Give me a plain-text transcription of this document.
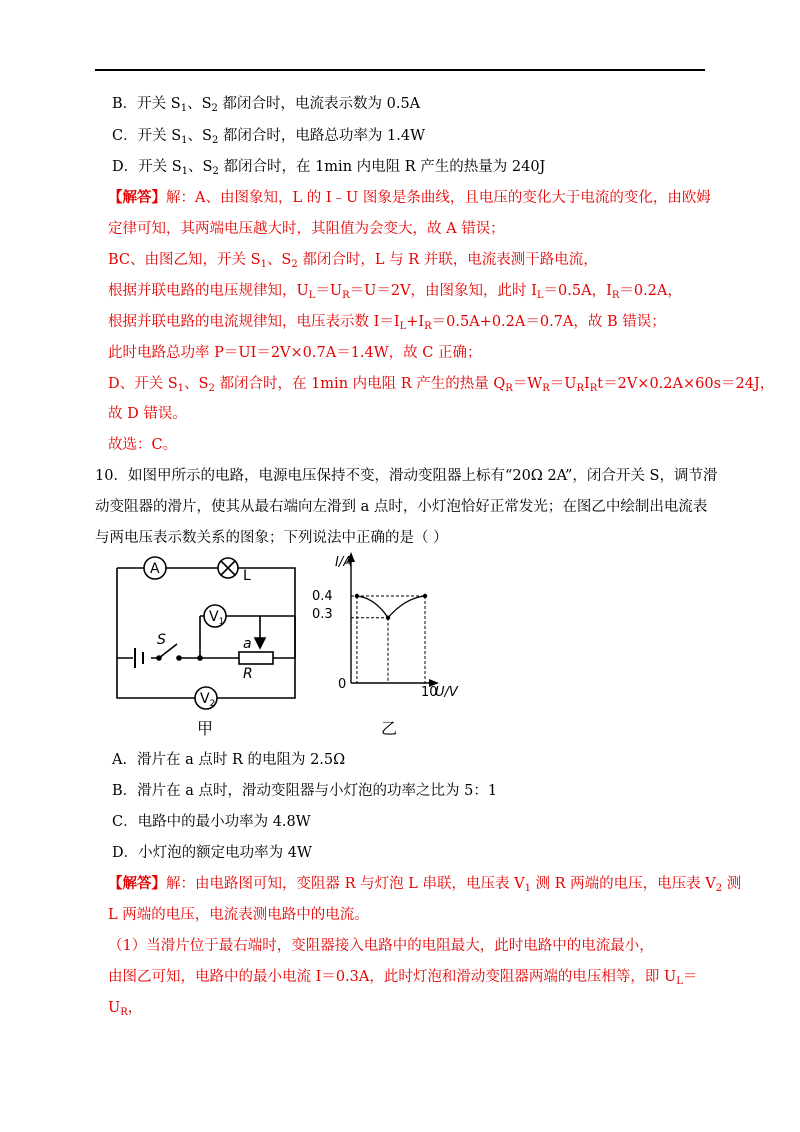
B．开关 $S_1$、$S_2$ 都闭合时，电流表示数为 0.5A
C．开关 $S_1$、$S_2$ 都闭合时，电路总功率为 1.4W
D．开关 $S_1$、$S_2$ 都闭合时，在 1min 内电阻 R 产生的热量为 240J
【解答】解：A、由图象知，L 的 I﹣U 图象是条曲线，且电压的变化大于电流的变化，由欧姆
定律可知，其两端电压越大时，其阻值为会变大，故 A 错误；
BC、由图乙知，开关 $S_1$、$S_2$ 都闭合时，L 与 R 并联，电流表测干路电流，
根据并联电路的电压规律知，$U_L=U_R=U=2V$，由图象知，此时 $I_L=0.5A$，$I_R=0.2A$，
根据并联电路的电流规律知，电压表示数 $I=I_L+I_R=0.5A+0.2A=0.7A$，故 B 错误；
此时电路总功率 P＝UI＝2V×0.7A＝1.4W，故 C 正确；
D、开关 $S_1$、$S_2$ 都闭合时，在 1min 内电阻 R 产生的热量 $Q_R=W_R=U_RI_Rt=2V\times 0.2A\times 60s=24J$，
故 D 错误。
故选：C。
10．如图甲所示的电路，电源电压保持不变，滑动变阻器上标有“20Ω 2A”，闭合开关 S，调节滑
动变阻器的滑片，使其从最右端向左滑到 a 点时，小灯泡恰好正常发光；在图乙中绘制出电流表
与两电压表示数关系的图象；下列说法中正确的是（ ）
A	L
$V_1$
$V_2$
S	a
R
甲
I/A
0.4
0.3
0
10
U/V
乙
A．滑片在 a 点时 R 的电阻为 2.5Ω
B．滑片在 a 点时，滑动变阻器与小灯泡的功率之比为 5：1
C．电路中的最小功率为 4.8W
D．小灯泡的额定电功率为 4W
【解答】解：由电路图可知，变阻器 R 与灯泡 L 串联，电压表 $V_1$ 测 R 两端的电压，电压表 $V_2$ 测
L 两端的电压，电流表测电路中的电流。
（1）当滑片位于最右端时，变阻器接入电路中的电阻最大，此时电路中的电流最小，
由图乙可知，电路中的最小电流 I＝0.3A，此时灯泡和滑动变阻器两端的电压相等，即 $U_L=$
$U_R$，
